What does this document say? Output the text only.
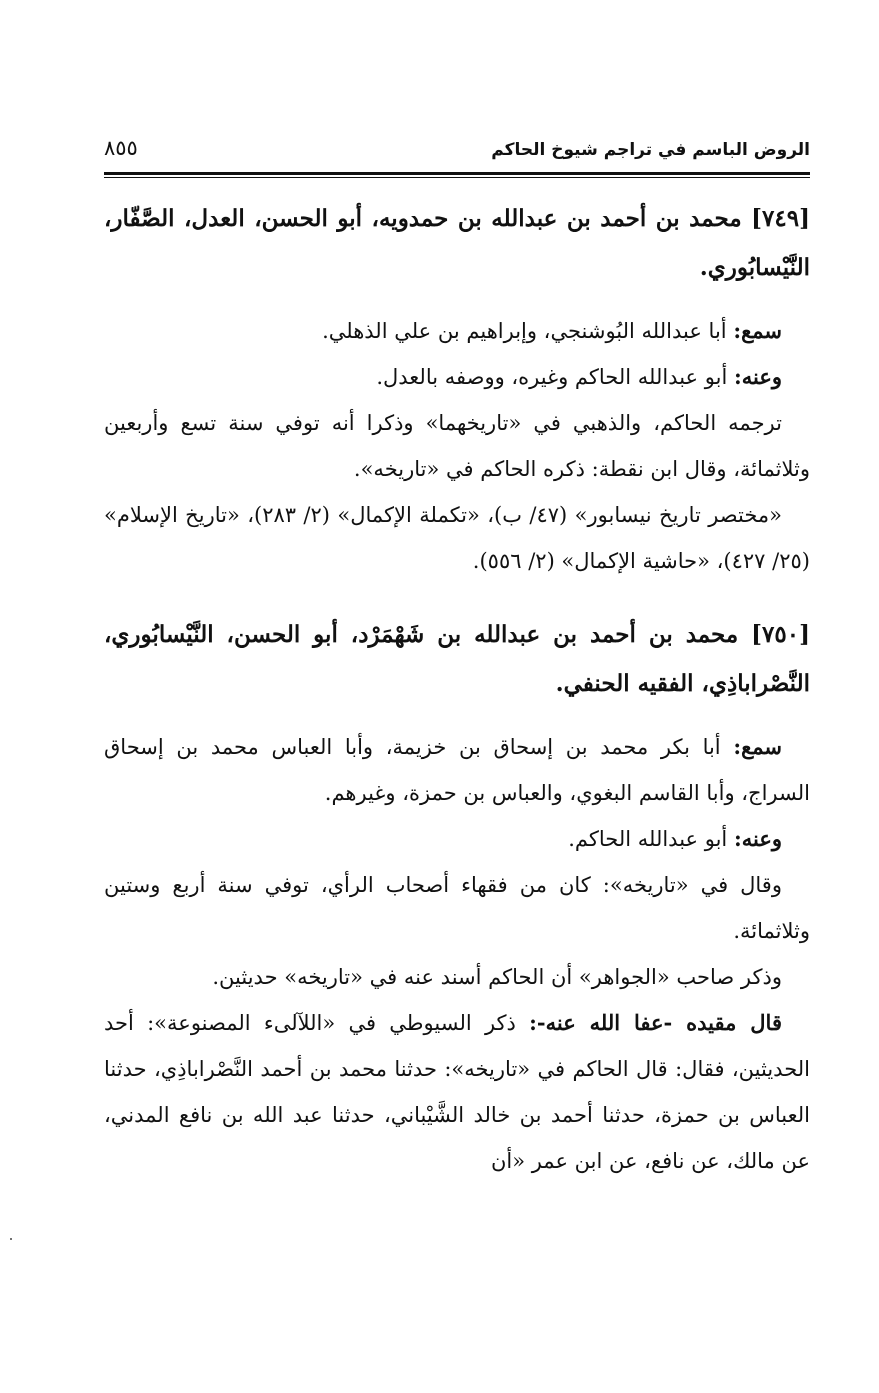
الروض الباسم في تراجم شيوخ الحاكم
٨٥٥

[٧٤٩] محمد بن أحمد بن عبدالله بن حمدويه، أبو الحسن، العدل، الصَّفّار، النَّيْسابُوري.

سمع: أبا عبدالله البُوشنجي، وإبراهيم بن علي الذهلي.

وعنه: أبو عبدالله الحاكم وغيره، ووصفه بالعدل.

ترجمه الحاكم، والذهبي في «تاريخهما» وذكرا أنه توفي سنة تسع وأربعين وثلاثمائة، وقال ابن نقطة: ذكره الحاكم في «تاريخه».

«مختصر تاريخ نيسابور» (٤٧/ ب)، «تكملة الإكمال» (٢/ ٢٨٣)، «تاريخ الإسلام» (٢٥/ ٤٢٧)، «حاشية الإكمال» (٢/ ٥٥٦).

[٧٥٠] محمد بن أحمد بن عبدالله بن شَهْمَرْد، أبو الحسن، النَّيْسابُوري، النَّصْراباذِي، الفقيه الحنفي.

سمع: أبا بكر محمد بن إسحاق بن خزيمة، وأبا العباس محمد بن إسحاق السراج، وأبا القاسم البغوي، والعباس بن حمزة، وغيرهم.

وعنه: أبو عبدالله الحاكم.

وقال في «تاريخه»: كان من فقهاء أصحاب الرأي، توفي سنة أربع وستين وثلاثمائة.

وذكر صاحب «الجواهر» أن الحاكم أسند عنه في «تاريخه» حديثين.

قال مقيده -عفا الله عنه-: ذكر السيوطي في «اللآلىء المصنوعة»: أحد الحديثين، فقال: قال الحاكم في «تاريخه»: حدثنا محمد بن أحمد النَّصْراباذِي، حدثنا العباس بن حمزة، حدثنا أحمد بن خالد الشَّيْباني، حدثنا عبد الله بن نافع المدني، عن مالك، عن نافع، عن ابن عمر «أن
